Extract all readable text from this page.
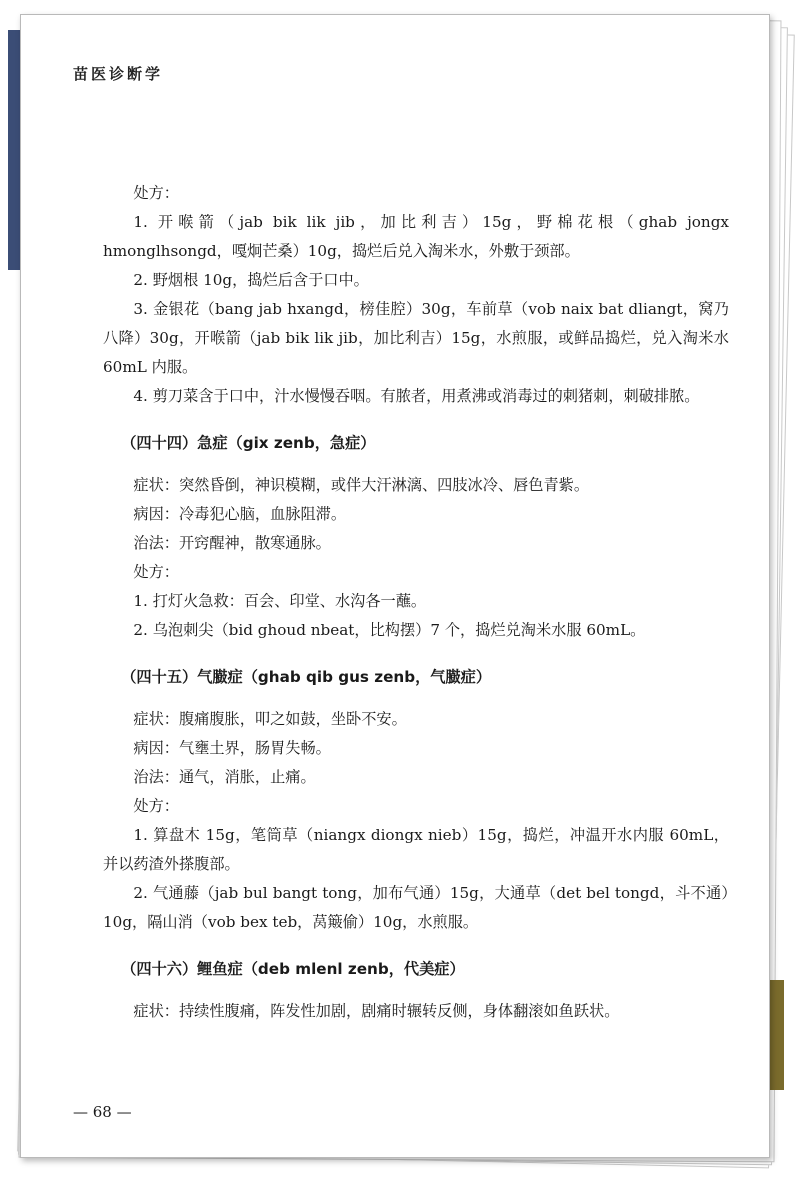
苗医诊断学

处方：

1. 开喉箭（jab bik lik jib，加比利吉）15g，野棉花根（ghab jongx hmonglhsongd，嘎炯芒桑）10g，捣烂后兑入淘米水，外敷于颈部。

2. 野烟根 10g，捣烂后含于口中。

3. 金银花（bang jab hxangd，榜佳腔）30g，车前草（vob naix bat dliangt，窝乃八降）30g，开喉箭（jab bik lik jib，加比利吉）15g，水煎服，或鲜品捣烂，兑入淘米水 60mL 内服。

4. 剪刀菜含于口中，汁水慢慢吞咽。有脓者，用煮沸或消毒过的刺猪刺，刺破排脓。

（四十四）急症（gix zenb，急症）

症状：突然昏倒，神识模糊，或伴大汗淋漓、四肢冰冷、唇色青紫。

病因：冷毒犯心脑，血脉阻滞。

治法：开窍醒神，散寒通脉。

处方：

1. 打灯火急救：百会、印堂、水沟各一蘸。

2. 乌泡刺尖（bid ghoud nbeat，比构摆）7 个，捣烂兑淘米水服 60mL。

（四十五）气臌症（ghab qib gus zenb，气臌症）

症状：腹痛腹胀，叩之如鼓，坐卧不安。

病因：气壅土界，肠胃失畅。

治法：通气，消胀，止痛。

处方：

1. 算盘木 15g，笔筒草（niangx diongx nieb）15g，捣烂，冲温开水内服 60mL，并以药渣外搽腹部。

2. 气通藤（jab bul bangt tong，加布气通）15g，大通草（det bel tongd，斗不通）10g，隔山消（vob bex teb，莴簸偷）10g，水煎服。

（四十六）鲤鱼症（deb mlenl zenb，代美症）

症状：持续性腹痛，阵发性加剧，剧痛时辗转反侧，身体翻滚如鱼跃状。

— 68 —
